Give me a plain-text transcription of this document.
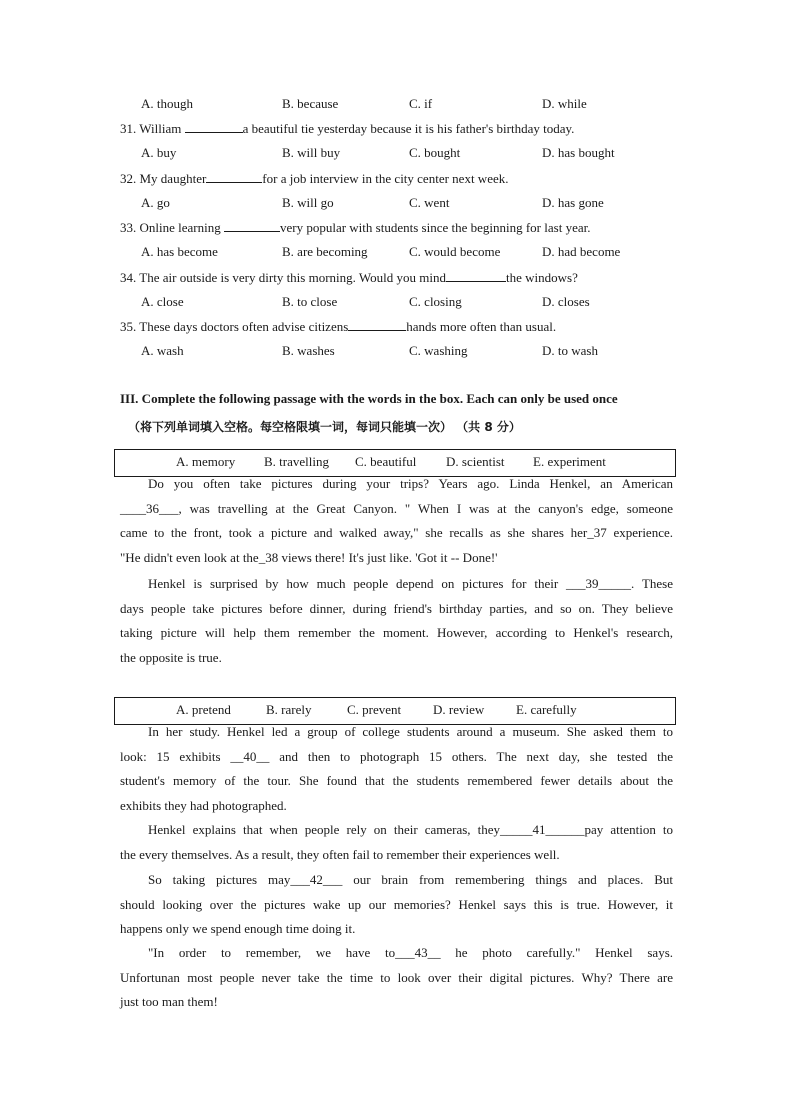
A. though	B. because	C. if	D. while
31. William	a beautiful tie yesterday because it is his father's birthday today.
A. buy	B. will buy	C. bought	D. has bought
32. My daughter	for a job interview in the city center next week.
A. go	B. will go	C. went	D. has gone
33. Online learning	very popular with students since the beginning for last year.
A. has become	B. are becoming	C. would become	D. had become
34. The air outside is very dirty this morning. Would you mind	the windows?
A. close	B. to close	C. closing	D. closes
35. These days doctors often advise citizens	hands more often than usual.
A. wash	B. washes	C. washing	D. to wash
III. Complete the following passage with the words in the box. Each can only be used once
（将下列单词填入空格。每空格限填一词，每词只能填一次） （共 8 分）
A. memory B. travelling C. beautiful D. scientist E. experiment
Do you often take pictures during your trips? Years ago. Linda Henkel, an American
____36___, was travelling at the Great Canyon. " When I was at the canyon's edge, someone
came to the front, took a picture and walked away," she recalls as she shares her_37 experience.
"He didn't even look at the_38 views there! It's just like. 'Got it -- Done!'
Henkel is surprised by how much people depend on pictures for their ___39_____. These
days people take pictures before dinner, during friend's birthday parties, and so on. They believe
taking picture will help them remember the moment. However, according to Henkel's research,
the opposite is true.
A. pretend	B. rarely	C. prevent D. review E. carefully
In her study. Henkel led a group of college students around a museum. She asked them to
look: 15 exhibits __40__ and then to photograph 15 others. The next day, she tested the
student's memory of the tour. She found that the students remembered fewer details about the
exhibits they had photographed.
Henkel explains that when people rely on their cameras, they_____41______pay attention to
the every themselves. As a result, they often fail to remember their experiences well.
So taking pictures may___42___ our brain from remembering things and places. But
should looking over the pictures wake up our memories? Henkel says this is true. However, it
happens only we spend enough time doing it.
"In order to remember, we have to___43__ he photo carefully." Henkel says.
Unfortunan most people never take the time to look over their digital pictures. Why? There are
just too man them!
